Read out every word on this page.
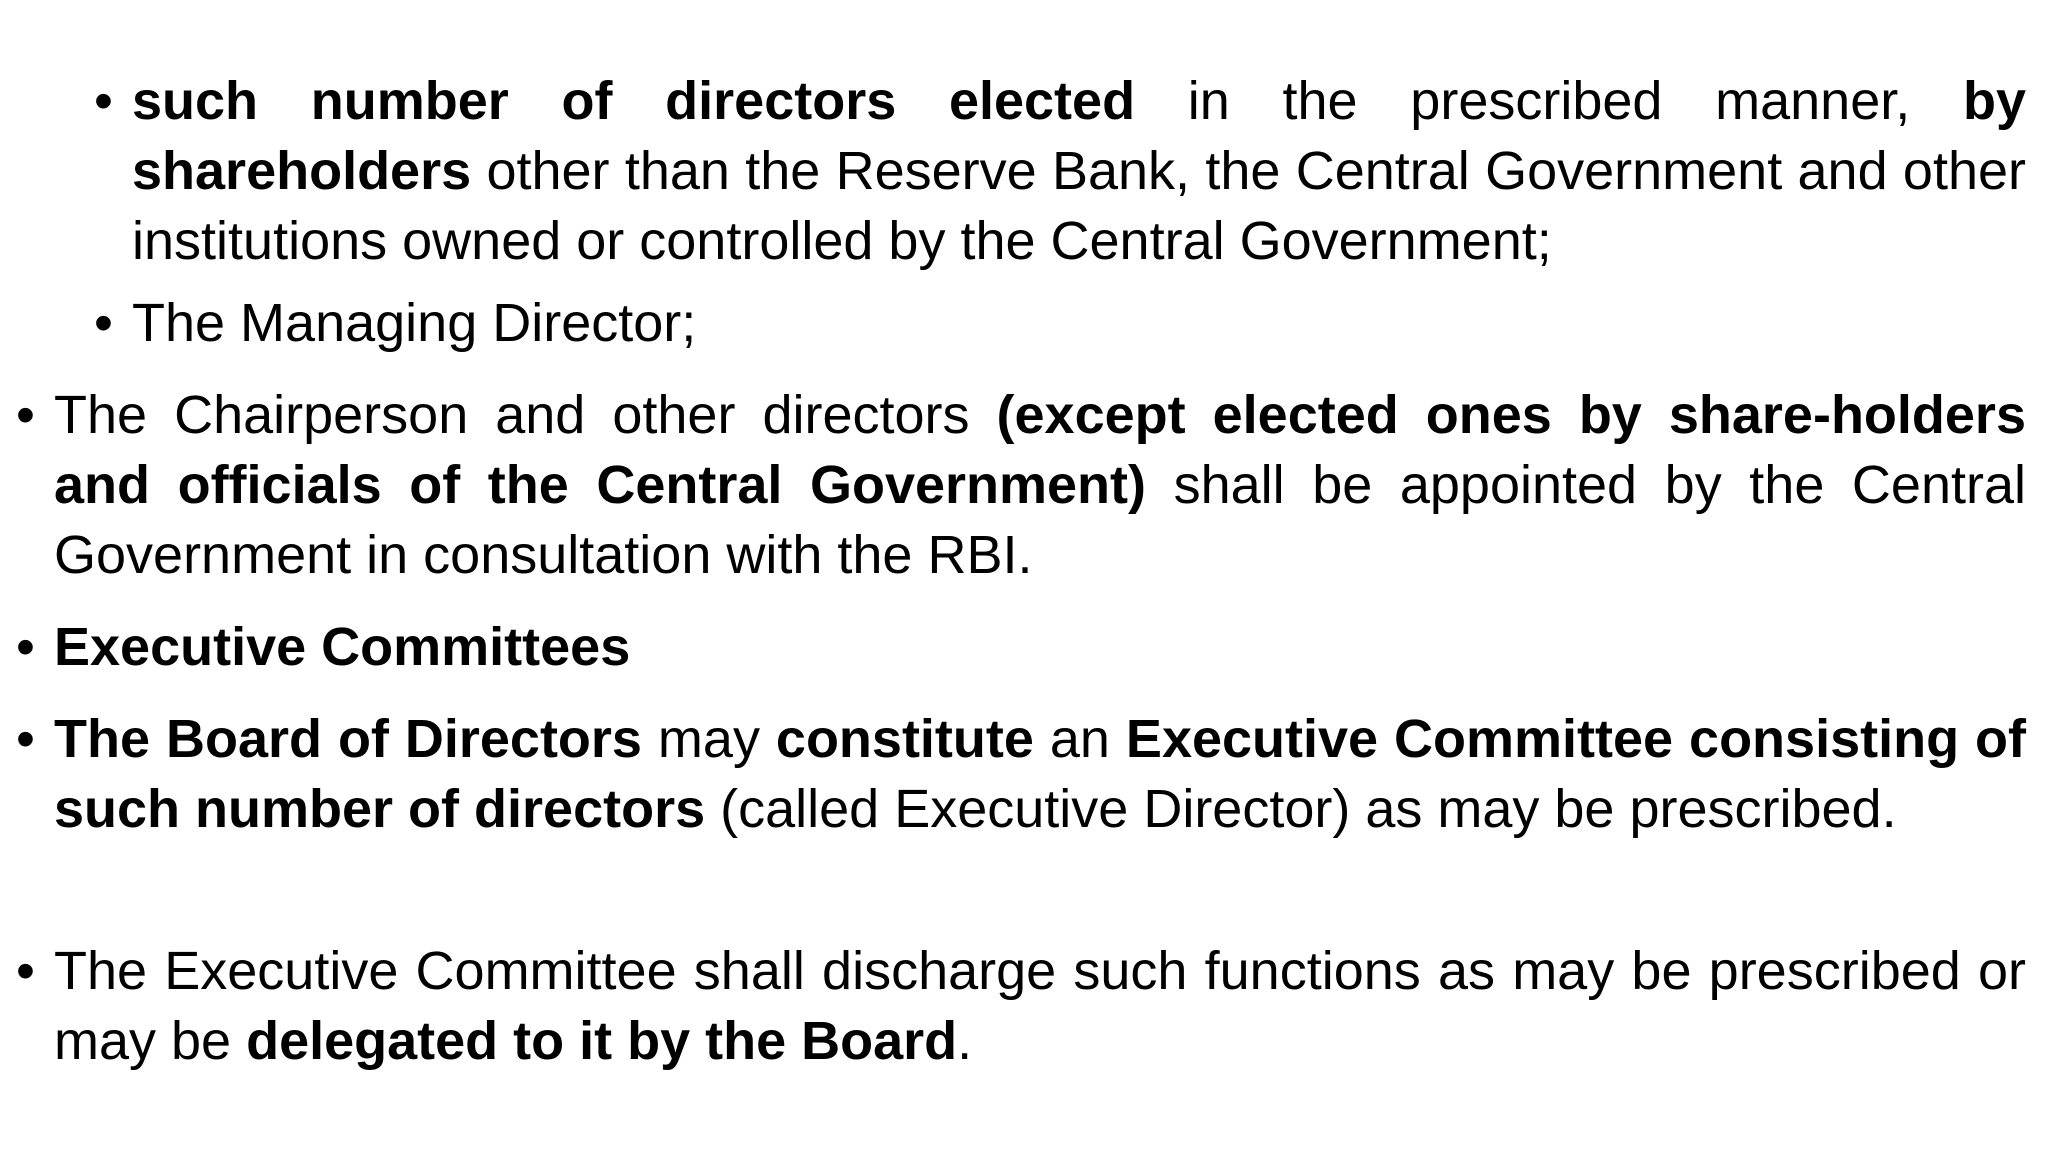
• such number of directors elected in the prescribed manner, by shareholders other than the Reserve Bank, the Central Government and other institutions owned or controlled by the Central Government;
• The Managing Director;
• The Chairperson and other directors (except elected ones by share-holders and officials of the Central Government) shall be appointed by the Central Government in consultation with the RBI.
• Executive Committees
• The Board of Directors may constitute an Executive Committee consisting of such number of directors (called Executive Director) as may be prescribed.
• The Executive Committee shall discharge such functions as may be prescribed or may be delegated to it by the Board.
